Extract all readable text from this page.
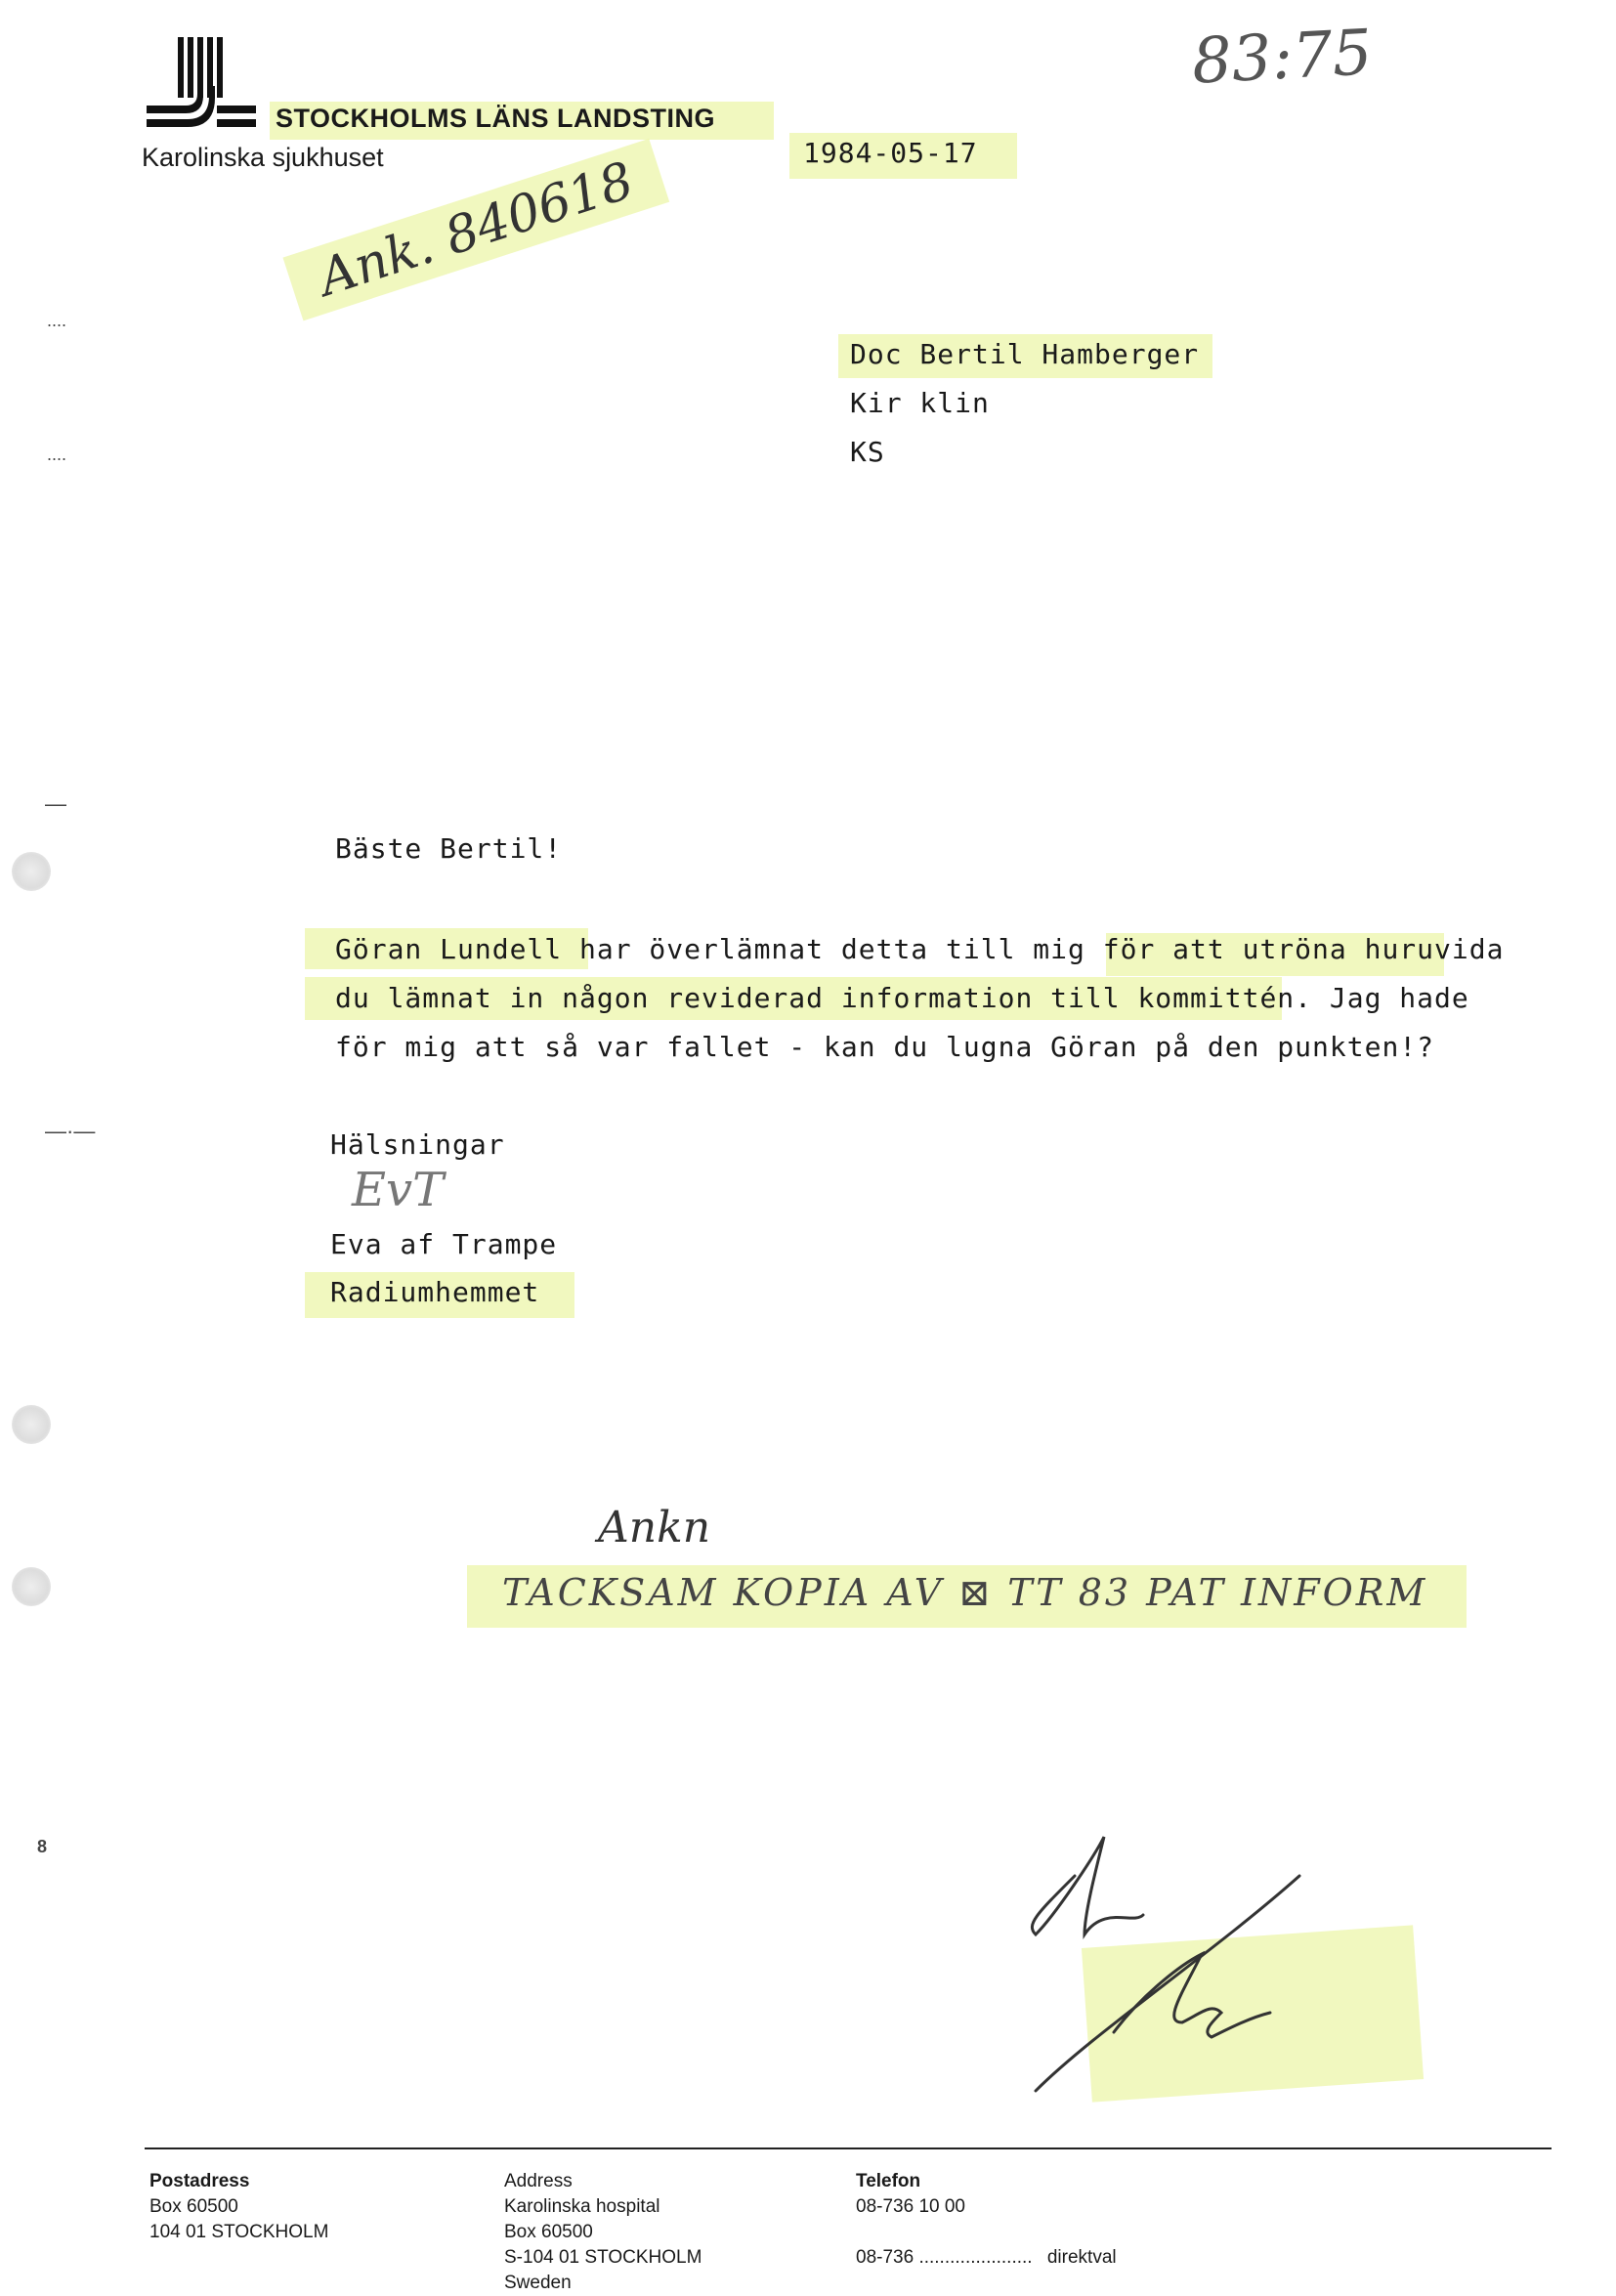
STOCKHOLMS LÄNS LANDSTING
Karolinska sjukhuset	1984-05-17
83:75
Ank. 840618
....
....
—
—·—
8
Doc Bertil Hamberger
Kir klin
KS
Bäste Bertil!
Göran Lundell har överlämnat detta till mig för att utröna huruvida
du lämnat in någon reviderad information till kommittén. Jag hade
för mig att så var fallet - kan du lugna Göran på den punkten!?
Hälsningar
EvT
Eva af Trampe
Radiumhemmet
Ankn
TACKSAM KOPIA AV ⊠ TT 83 PAT INFORM
Postadress
Box 60500
104 01 STOCKHOLM
Address
Karolinska hospital
Box 60500
S-104 01 STOCKHOLM
Sweden
Telefon
08-736 10 00
08-736 ...................... direktval
